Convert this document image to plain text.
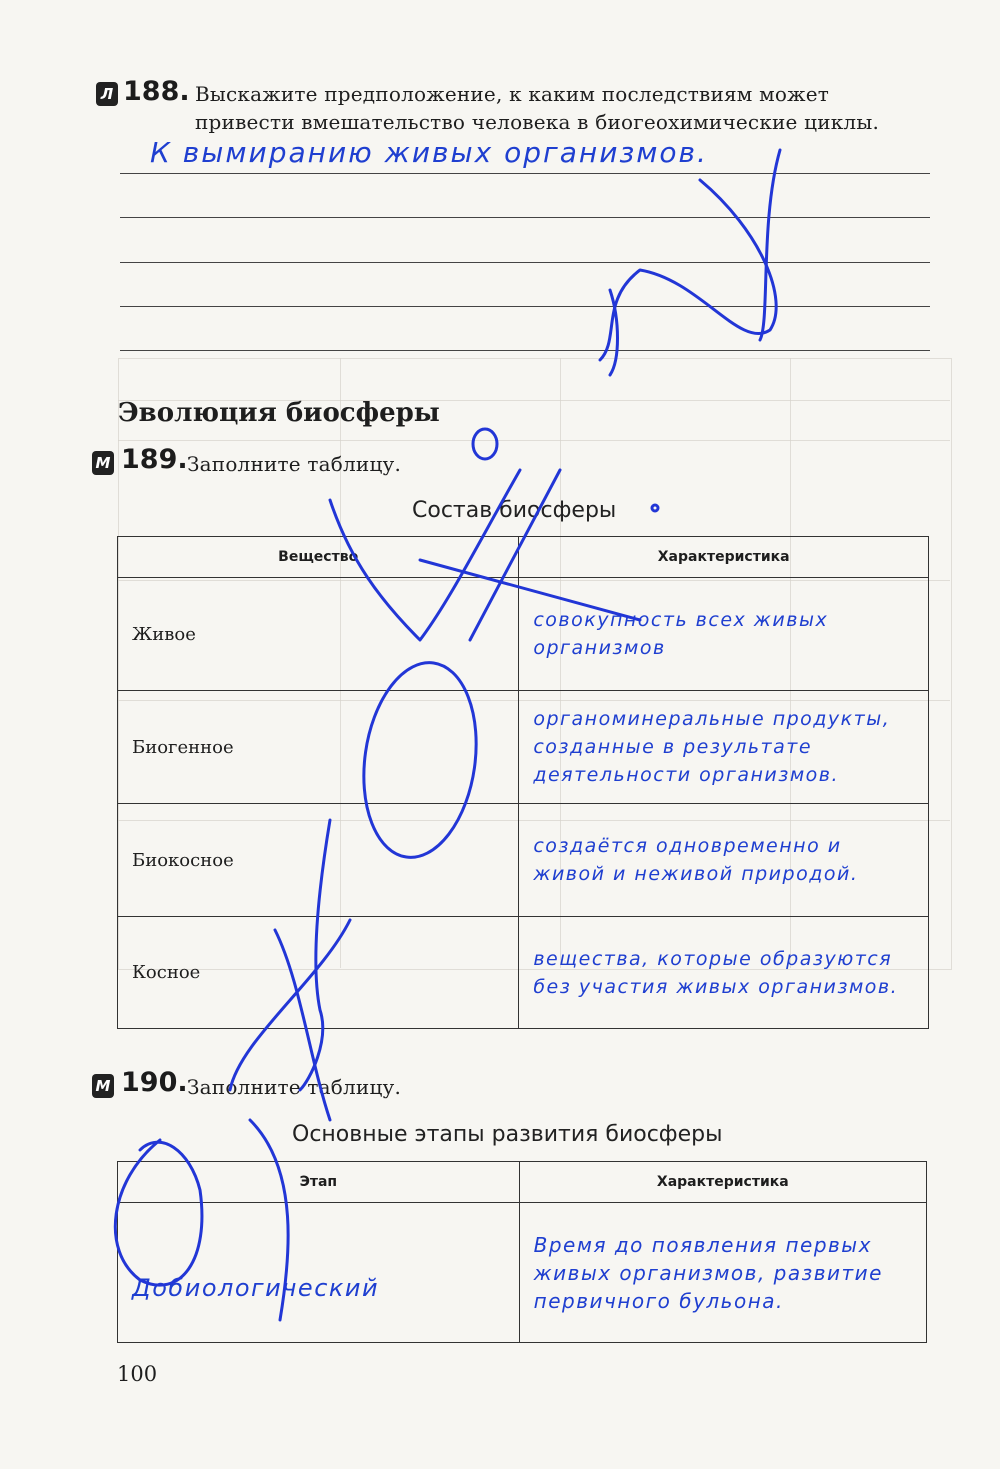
Л 188. Выскажите предположение, к каким последствиям может привести вмешательство человека в биогеохимические циклы.
К вымиранию живых организмов.
Эволюция биосферы
М 189. Заполните таблицу.
Состав биосферы
Вещество	Характеристика
Живое	совокупность всех живых организмов
Биогенное	органоминеральные продукты, созданные в результате деятельности организмов.
Биокосное	создаётся одновременно и живой и неживой природой.
Косное	вещества, которые образуются без участия живых организмов.
М 190. Заполните таблицу.
Основные этапы развития биосферы
Этап	Характеристика
Добиологический	Время до появления первых живых организмов, развитие первичного бульона.
100
